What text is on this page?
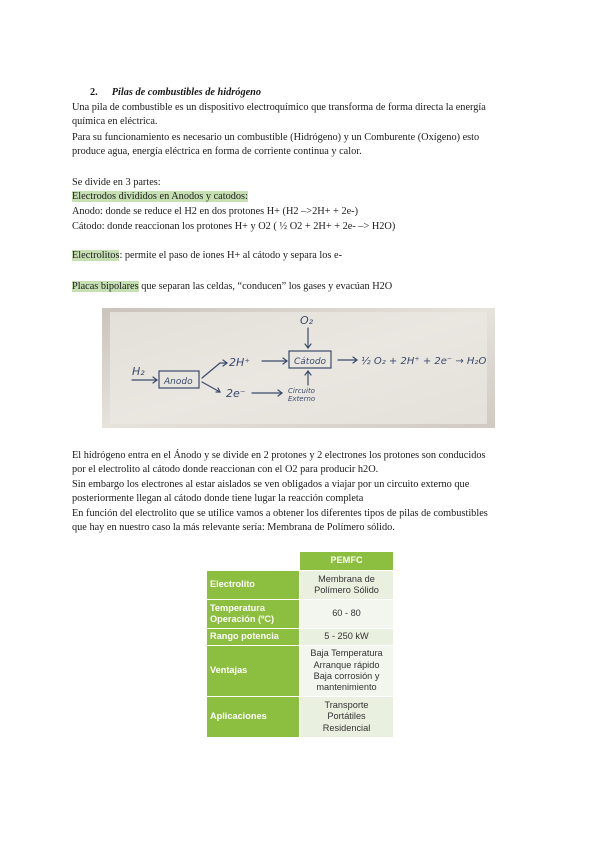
2. Pilas de combustibles de hidrógeno
Una pila de combustible es un dispositivo electroquímico que transforma de forma directa la energía
química en eléctrica.
Para su funcionamiento es necesario un combustible (Hidrógeno) y un Comburente (Oxígeno) esto
produce agua, energía eléctrica en forma de corriente continua y calor.
Se divide en 3 partes:
Electrodos divididos en Anodos y catodos:
Anodo: donde se reduce el H2 en dos protones H+ (H2 –>2H+ + 2e-)
Cátodo: donde reaccionan los protones H+ y O2 ( ½ O2 + 2H+ + 2e- –> H2O)
Electrolitos: permite el paso de iones H+ al cátodo y separa los e-
Placas bipolares que separan las celdas, “conducen” los gases y evacúan H2O
H₂
Anodo
2H⁺
2e⁻
Cátodo
O₂
Circuito
Externo
½ O₂ + 2H⁺ + 2e⁻ → H₂O
El hidrógeno entra en el Ánodo y se divide en 2 protones y 2 electrones los protones son conducidos
por el electrolito al cátodo donde reaccionan con el O2 para producir h2O.
Sin embargo los electrones al estar aislados se ven obligados a viajar por un circuito externo que
posteriormente llegan al cátodo donde tiene lugar la reacción completa
En función del electrolito que se utilice vamos a obtener los diferentes tipos de pilas de combustibles
que hay en nuestro caso la más relevante sería: Membrana de Polímero sólido.
	PEMFC
Electrolito	Membrana de
Polímero Sólido

Temperatura Operación (ºC)	60 - 80

Rango potencia	5 - 250 kW

Ventajas	Baja Temperatura
Arranque rápido
Baja corrosión y
mantenimiento

Aplicaciones	Transporte
Portátiles
Residencial
